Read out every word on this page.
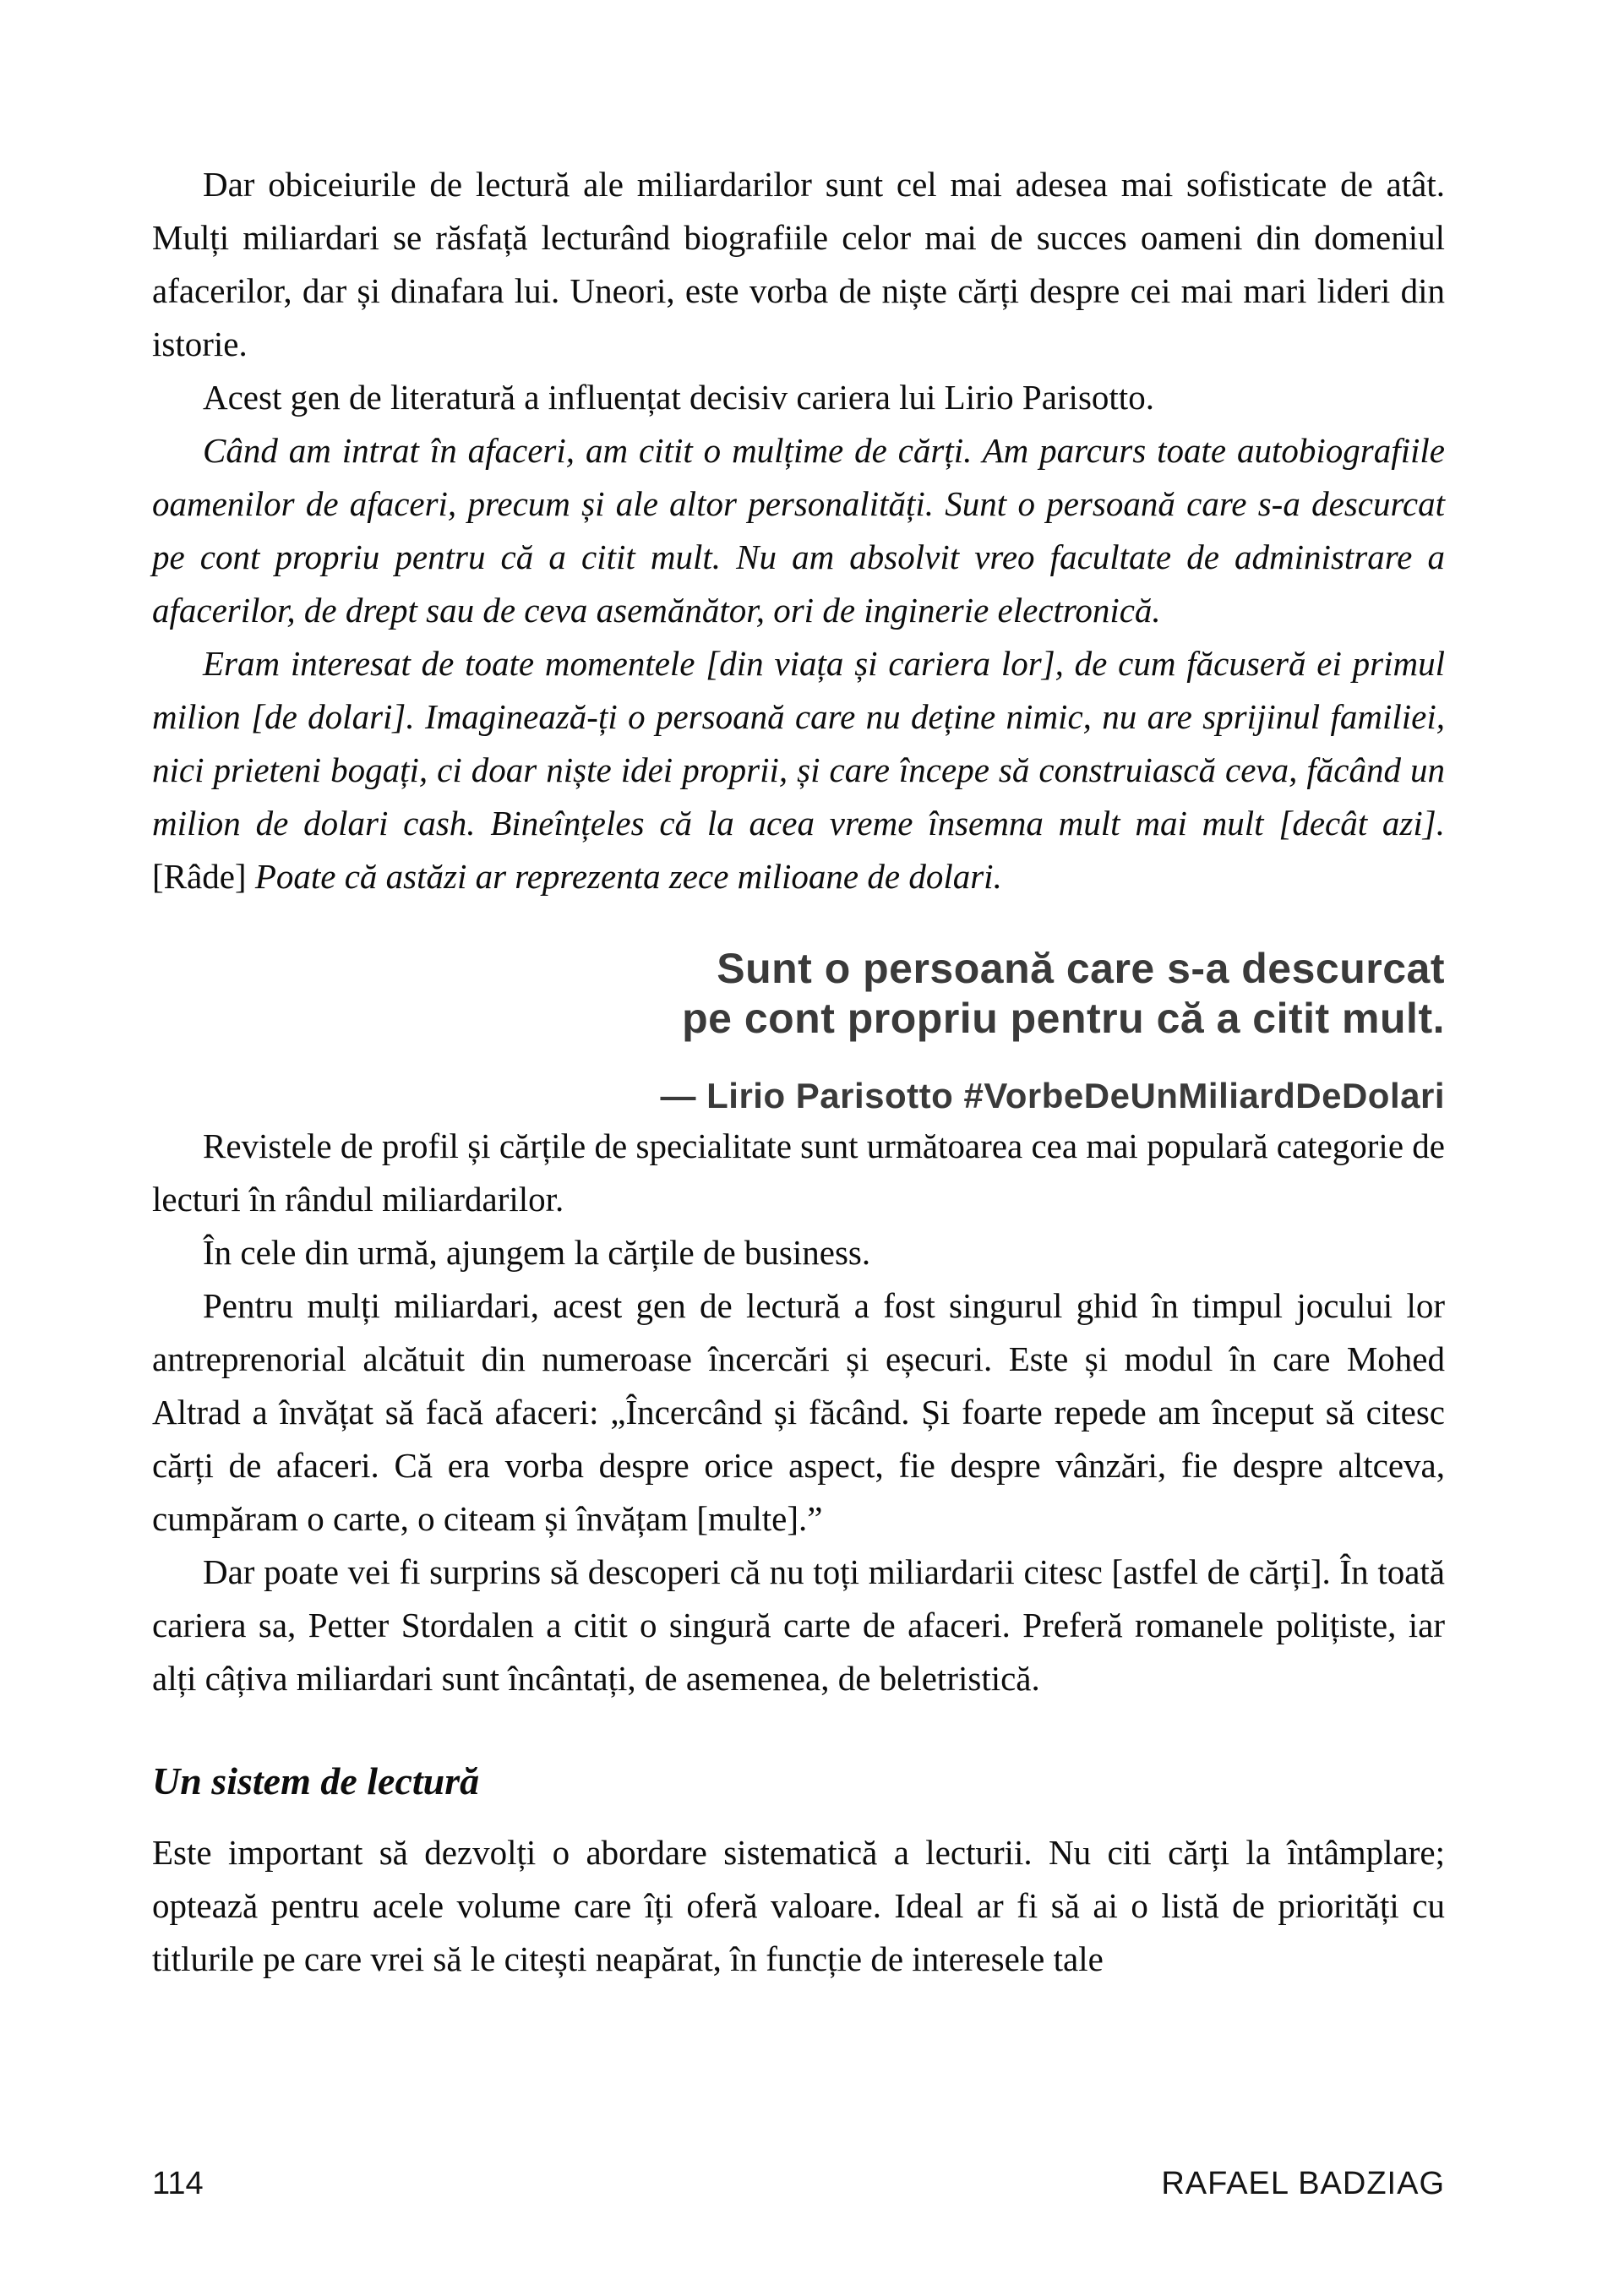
Dar obiceiurile de lectură ale miliardarilor sunt cel mai adesea mai sofisticate de atât. Mulți miliardari se răsfață lecturând biografiile celor mai de succes oameni din domeniul afacerilor, dar și dinafara lui. Uneori, este vorba de niște cărți despre cei mai mari lideri din istorie.

Acest gen de literatură a influențat decisiv cariera lui Lirio Parisotto.

Când am intrat în afaceri, am citit o mulțime de cărți. Am parcurs toate autobiografiile oamenilor de afaceri, precum și ale altor personalități. Sunt o persoană care s-a descurcat pe cont propriu pentru că a citit mult. Nu am absolvit vreo facultate de administrare a afacerilor, de drept sau de ceva asemănător, ori de inginerie electronică.

Eram interesat de toate momentele [din viața și cariera lor], de cum făcuseră ei primul milion [de dolari]. Imaginează-ți o persoană care nu deține nimic, nu are sprijinul familiei, nici prieteni bogați, ci doar niște idei proprii, și care începe să construiască ceva, făcând un milion de dolari cash. Bineînțeles că la acea vreme însemna mult mai mult [decât azi]. [Râde] Poate că astăzi ar reprezenta zece milioane de dolari.

Sunt o persoană care s-a descurcat
pe cont propriu pentru că a citit mult.
— Lirio Parisotto #VorbeDeUnMiliardDeDolari

Revistele de profil și cărțile de specialitate sunt următoarea cea mai populară categorie de lecturi în rândul miliardarilor.

În cele din urmă, ajungem la cărțile de business.

Pentru mulți miliardari, acest gen de lectură a fost singurul ghid în timpul jocului lor antreprenorial alcătuit din numeroase încercări și eșecuri. Este și modul în care Mohed Altrad a învățat să facă afaceri: „Încercând și făcând. Și foarte repede am început să citesc cărți de afaceri. Că era vorba despre orice aspect, fie despre vânzări, fie despre altceva, cumpăram o carte, o citeam și învățam [multe].”

Dar poate vei fi surprins să descoperi că nu toți miliardarii citesc [astfel de cărți]. În toată cariera sa, Petter Stordalen a citit o singură carte de afaceri. Preferă romanele polițiste, iar alți câțiva miliardari sunt încântați, de asemenea, de beletristică.

Un sistem de lectură

Este important să dezvolți o abordare sistematică a lecturii. Nu citi cărți la întâmplare; optează pentru acele volume care îți oferă valoare. Ideal ar fi să ai o listă de priorități cu titlurile pe care vrei să le citești neapărat, în funcție de interesele tale

114	RAFAEL BADZIAG
